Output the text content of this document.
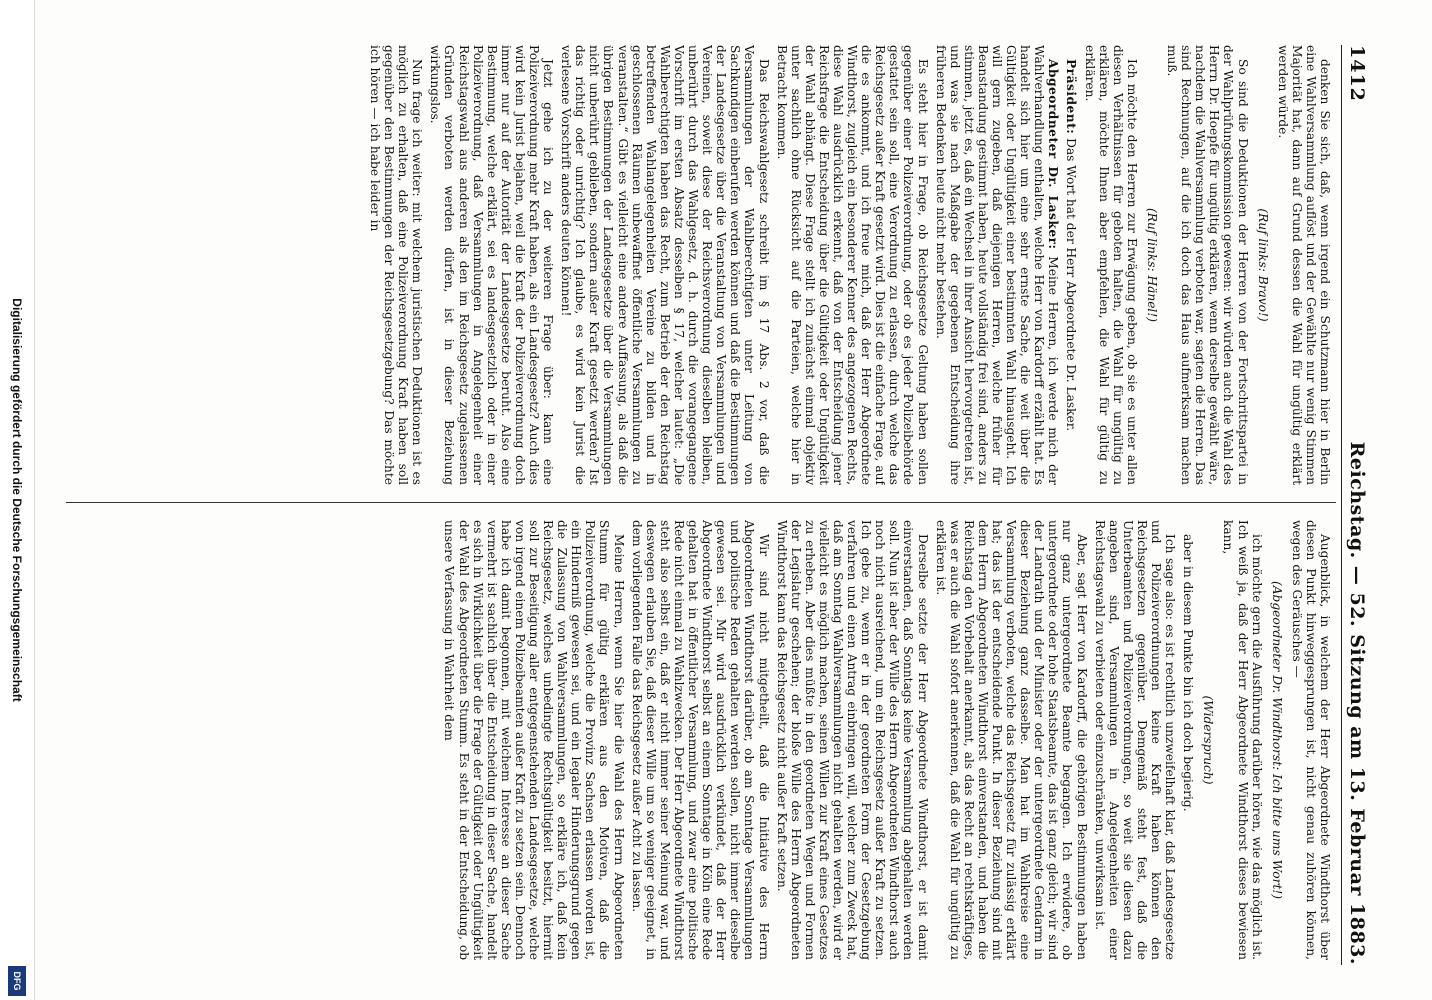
1412
Reichstag. — 52. Sitzung am 13. Februar 1883.

denken Sie sich, daß, wenn irgend ein Schutzmann hier in Berlin eine Wahlversammlung auflöst und der Gewählte nur wenig Stimmen Majorität hat, dann auf Grund dessen die Wahl für ungültig erklärt werden würde.

(Ruf links: Bravo!)

So sind die Deduktionen der Herren von der Fortschrittspartei in der Wahlprüfungskommission gewesen: wir würden auch die Wahl des Herrn Dr. Hoepfe für ungültig erklären, wenn derselbe gewählt wäre, nachdem die Wahlversammlung verboten war, sagten die Herren. Das sind Rechnungen, auf die ich doch das Haus aufmerksam machen muß.

(Ruf links: Hänel!)

Ich möchte den Herren zur Erwägung geben, ob sie es unter allen diesen Verhältnissen für geboten halten, die Wahl für ungültig zu erklären, möchte Ihnen aber empfehlen, die Wahl für gültig zu erklären.

Präsident: Das Wort hat der Herr Abgeordnete Dr. Lasker.

Abgeordneter Dr. Lasker: Meine Herren, ich werde mich der Wahlverhandlung enthalten, welche Herr von Kardorff erzählt hat. Es handelt sich hier um eine sehr ernste Sache, die weit über die Gültigkeit oder Ungültigkeit einer bestimmten Wahl hinausgeht. Ich will gern zugeben, daß diejenigen Herren, welche früher für Beanstandung gestimmt haben, heute vollständig frei sind, anders zu stimmen, jetzt es, daß ein Wechsel in ihrer Ansicht hervorgetreten ist, und was sie nach Maßgabe der gegebenen Entscheidung ihre früheren Bedenken heute nicht mehr bestehen.

Es steht hier in Frage, ob Reichsgesetze Geltung haben sollen gegenüber einer Polizeiverordnung, oder ob es jeder Polizeibehörde gestattet sein soll, eine Verordnung zu erlassen, durch welche das Reichsgesetz außer Kraft gesetzt wird. Dies ist die einfache Frage, auf die es ankommt, und ich freue mich, daß der Herr Abgeordnete Windthorst, zugleich ein besonderer Kenner des angezogenen Rechts, diese Wahl ausdrücklich erkennt, daß von der Entscheidung jener Reichsfrage die Entscheidung über die Gültigkeit oder Ungültigkeit der Wahl abhängt. Diese Frage stellt ich zunächst einmal objektiv unter sachlich ohne Rücksicht auf die Parteien, welche hier in Betracht kommen.

Das Reichswahlgesetz schreibt im § 17 Abs. 2 vor, daß die Versammlungen der Wahlberechtigten unter Leitung von Sachkundigen einberufen werden können und daß die Bestimmungen der Landesgesetze über die Veranstaltung von Versammlungen und Vereinen, soweit diese der Reichsverordnung dieselben bleiben, unberührt durch das Wahlgesetz, d. h. durch die vorangegangene Vorschrift im ersten Absatz desselben § 17, welcher lautet: „Die Wahlberechtigten haben das Recht, zum Betrieb der den Reichstag betreffenden Wahlangelegenheiten Vereine zu bilden und in geschlossenen Räumen unbewaffnet öffentliche Versammlungen zu veranstalten.“ Gibt es vielleicht eine andere Auffassung, als daß die übrigen Bestimmungen der Landesgesetze über die Versammlungen nicht unberührt geblieben, sondern außer Kraft gesetzt werden? Ist das richtig oder unrichtig? Ich glaube, es wird kein Jurist die verlesene Vorschrift anders deuten können!

Jetzt gehe ich zu der weiteren Frage über: kann eine Polizeiverordnung mehr Kraft haben, als ein Landesgesetz? Auch dies wird kein Jurist bejahen, weil die Kraft der Polizeiverordnung doch immer nur auf der Autorität der Landesgesetze beruht. Also eine Bestimmung, welche erklärt, sei es landesgesetzlich oder in einer Polizeiverordnung, daß Versammlungen in Angelegenheit einer Reichstagswahl aus anderen als den im Reichsgesetz zugelassenen Gründen verboten werden dürfen, ist in dieser Beziehung wirkungslos.

Nun frage ich weiter: mit welchem juristischen Deduktionen ist es möglich zu erhalten, daß eine Polizeiverordnung Kraft haben soll gegenüber den Bestimmungen der Reichsgesetzgebung? Das möchte ich hören — ich habe leider in

Augenblick, in welchem der Herr Abgeordnete Windthorst über diesen Punkt hinweggesprungen ist, nicht genau zuhören können, wegen des Geräusches —

(Abgeordneter Dr. Windthorst: Ich bitte ums Wort!)

ich möchte gern die Ausführung darüber hören, wie das möglich ist. Ich weiß ja, daß der Herr Abgeordnete Windthorst dieses bewiesen kann,

(Widerspruch)

aber in diesem Punkte bin ich doch begierig.

Ich sage also: es ist rechtlich unzweifelhaft klar, daß Landesgesetze und Polizeiverordnungen keine Kraft haben können den Reichsgesetzen gegenüber. Demgemäß steht fest, daß die Unterbeamten und Polizeiverordnungen, so weit sie diesen dazu angeben sind, Versammlungen in Angelegenheiten einer Reichstagswahl zu verbieten oder einzuschränken, unwirksam ist.

Aber, sagt Herr von Kardorff, die gehörigen Bestimmungen haben nur ganz untergeordnete Beamte begangen. Ich erwidere, ob untergeordnete oder hohe Staatsbeamte, das ist ganz gleich; wir sind der Landrath und der Minister oder der untergeordnete Gendarm in dieser Beziehung ganz dasselbe. Man hat im Wahlkreise eine Versammlung verboten, welche das Reichsgesetz für zulässig erklärt hat; das ist der entscheidende Punkt. In dieser Beziehung sind mit dem Herrn Abgeordneten Windthorst einverstanden, und haben die Reichstag den Vorbehalt anerkannt, als das Recht an rechtskräftiges, was er auch die Wahl sofort anerkennen, daß die Wahl für ungültig zu erklären ist.

Derselbe setzte der Herr Abgeordnete Windthorst, er ist damit einverstanden, daß Sonntags keine Versammlung abgehalten werden soll. Nun ist aber der Wille des Herrn Abgeordneten Windthorst auch noch nicht ausreichend, um ein Reichsgesetz außer Kraft zu setzen. Ich gebe zu, wenn er in der geordneten Form der Gesetzgebung verfahren und einen Antrag einbringen will, welcher zum Zweck hat, daß am Sonntag Wahlversammlungen nicht gehalten werden, wird er vielleicht es möglich machen, seinen Willen zur Kraft eines Gesetzes zu erheben. Aber dies müßte in den geordneten Wegen und Formen der Legislatur geschehen; der bloße Wille des Herrn Abgeordneten Windthorst kann das Reichsgesetz nicht außer Kraft setzen.

Wir sind nicht mitgetheilt, daß die Initiative des Herrn Abgeordneten Windthorst darüber, ob am Sonntage Versammlungen und politische Reden gehalten werden sollen, nicht immer dieselbe gewesen sei. Mir wird ausdrücklich verkündet, daß der Herr Abgeordnete Windthorst selbst an einem Sonntage in Köln eine Rede gehalten hat in öffentlicher Versammlung, und zwar eine politische Rede nicht einmal zu Wahlzwecken. Der Herr Abgeordnete Windthorst steht also selbst ein, daß er nicht immer seiner Meinung war, und deswegen erlauben Sie, daß dieser Wille um so weniger geeignet, in dem vorliegenden Falle das Reichsgesetz außer Acht zu lassen.

Meine Herren, wenn Sie hier die Wahl des Herrn Abgeordneten Stumm für gültig erklären aus den Motiven, daß die Polizeiverordnung, welche die Provinz Sachsen erlassen worden ist, ein Hinderniß gewesen sei, und ein legaler Hinderungsgrund gegen die Zulassung von Wahlversammlungen, so erkläre ich, daß kein Reichsgesetz, welches unbedingte Rechtsgültigkeit besitzt, hiermit soll zur Beseitigung aller entgegenstehenden Landesgesetze, welche von irgend einem Polizeibeamten außer Kraft zu setzen sein. Dennoch habe ich damit begonnen, mit welchem Interesse an dieser Sache vermehrt ist sachlich über die Entscheidung in dieser Sache, handelt es sich in Wirklichkeit über die Frage der Gültigkeit oder Ungültigkeit der Wahl des Abgeordneten Stumm. Es steht in der Entscheidung, ob unsere Verfassung in Wahrheit dem

Digitalisierung gefördert durch die Deutsche Forschungsgemeinschaft
DFG
